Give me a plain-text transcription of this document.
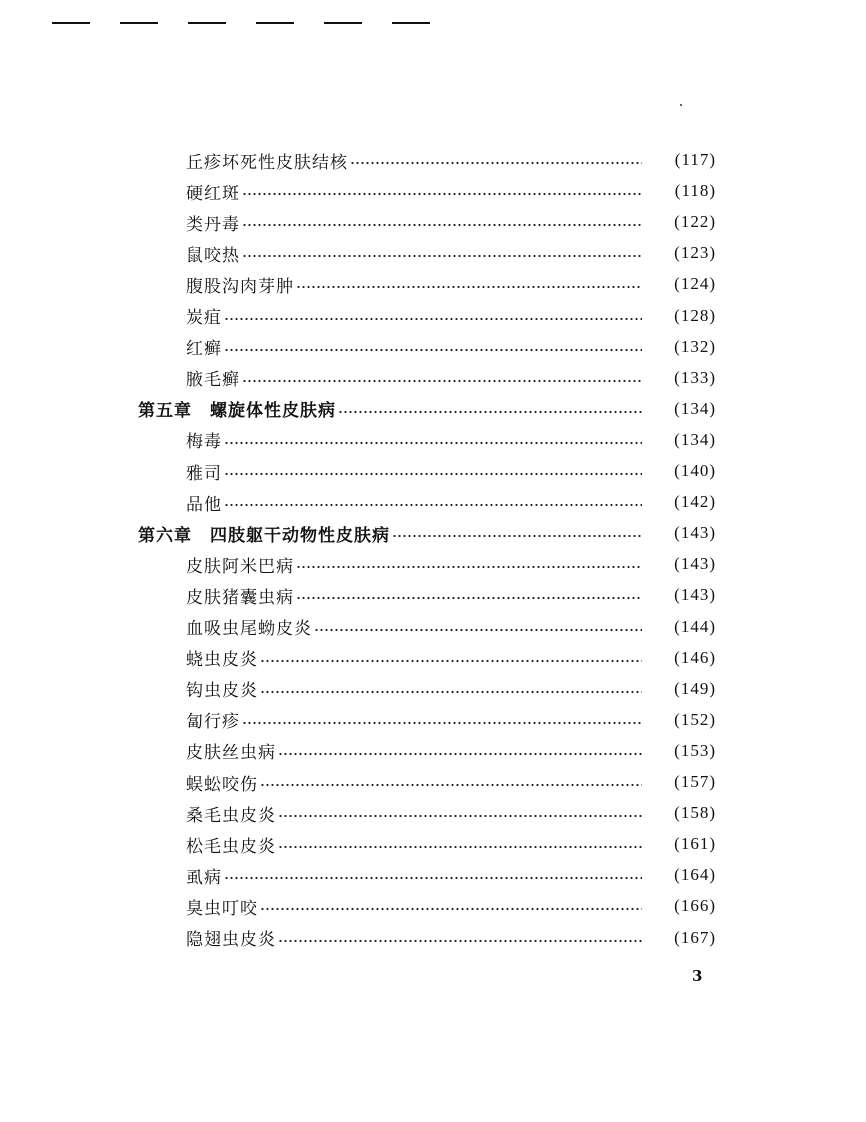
丘疹坏死性皮肤结核	(117)
硬红斑	(118)
类丹毒	(122)
鼠咬热	(123)
腹股沟肉芽肿	(124)
炭疽	(128)
红癣	(132)
腋毛癣	(133)
第五章 螺旋体性皮肤病	(134)
梅毒	(134)
雅司	(140)
品他	(142)
第六章 四肢躯干动物性皮肤病	(143)
皮肤阿米巴病	(143)
皮肤猪囊虫病	(143)
血吸虫尾蚴皮炎	(144)
蛲虫皮炎	(146)
钩虫皮炎	(149)
匐行疹	(152)
皮肤丝虫病	(153)
蜈蚣咬伤	(157)
桑毛虫皮炎	(158)
松毛虫皮炎	(161)
虱病	(164)
臭虫叮咬	(166)
隐翅虫皮炎	(167)
3
